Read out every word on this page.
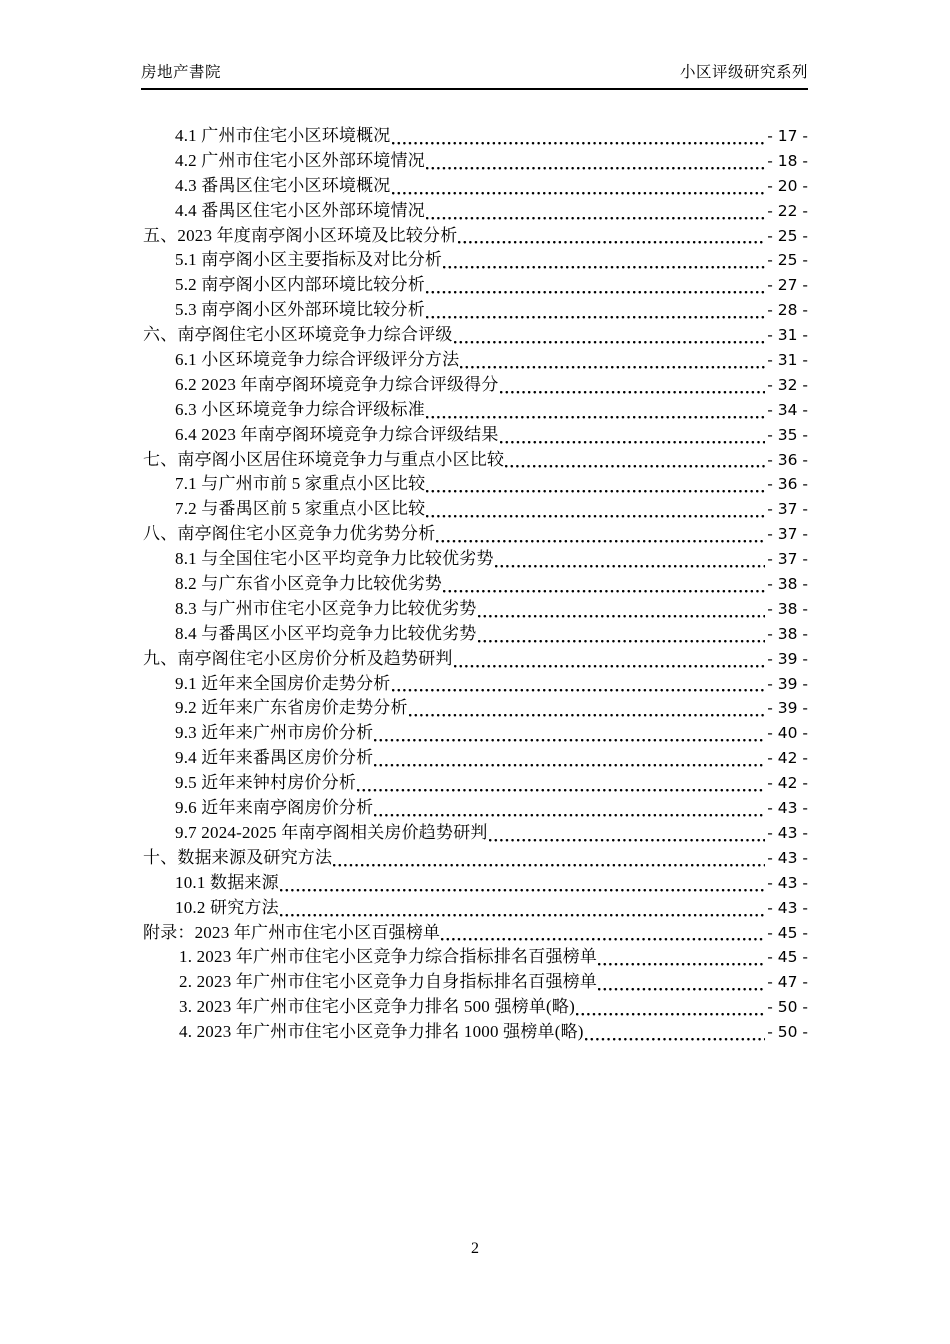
房地产書院	小区评级研究系列
4.1 广州市住宅小区环境概况	- 17 -
4.2 广州市住宅小区外部环境情况	- 18 -
4.3 番禺区住宅小区环境概况	- 20 -
4.4 番禺区住宅小区外部环境情况	- 22 -
五、2023 年度南亭阁小区环境及比较分析	- 25 -
5.1 南亭阁小区主要指标及对比分析	- 25 -
5.2 南亭阁小区内部环境比较分析	- 27 -
5.3 南亭阁小区外部环境比较分析	- 28 -
六、南亭阁住宅小区环境竞争力综合评级	- 31 -
6.1 小区环境竞争力综合评级评分方法	- 31 -
6.2 2023 年南亭阁环境竞争力综合评级得分	- 32 -
6.3 小区环境竞争力综合评级标准	- 34 -
6.4 2023 年南亭阁环境竞争力综合评级结果	- 35 -
七、南亭阁小区居住环境竞争力与重点小区比较	- 36 -
7.1 与广州市前 5 家重点小区比较	- 36 -
7.2 与番禺区前 5 家重点小区比较	- 37 -
八、南亭阁住宅小区竞争力优劣势分析	- 37 -
8.1 与全国住宅小区平均竞争力比较优劣势	- 37 -
8.2 与广东省小区竞争力比较优劣势	- 38 -
8.3 与广州市住宅小区竞争力比较优劣势	- 38 -
8.4 与番禺区小区平均竞争力比较优劣势	- 38 -
九、南亭阁住宅小区房价分析及趋势研判	- 39 -
9.1 近年来全国房价走势分析	- 39 -
9.2 近年来广东省房价走势分析	- 39 -
9.3 近年来广州市房价分析	- 40 -
9.4 近年来番禺区房价分析	- 42 -
9.5 近年来钟村房价分析	- 42 -
9.6 近年来南亭阁房价分析	- 43 -
9.7 2024-2025 年南亭阁相关房价趋势研判	- 43 -
十、数据来源及研究方法	- 43 -
10.1 数据来源	- 43 -
10.2 研究方法	- 43 -
附录：2023 年广州市住宅小区百强榜单	- 45 -
1. 2023 年广州市住宅小区竞争力综合指标排名百强榜单	- 45 -
2. 2023 年广州市住宅小区竞争力自身指标排名百强榜单	- 47 -
3. 2023 年广州市住宅小区竞争力排名 500 强榜单(略)	- 50 -
4. 2023 年广州市住宅小区竞争力排名 1000 强榜单(略)	- 50 -
2
